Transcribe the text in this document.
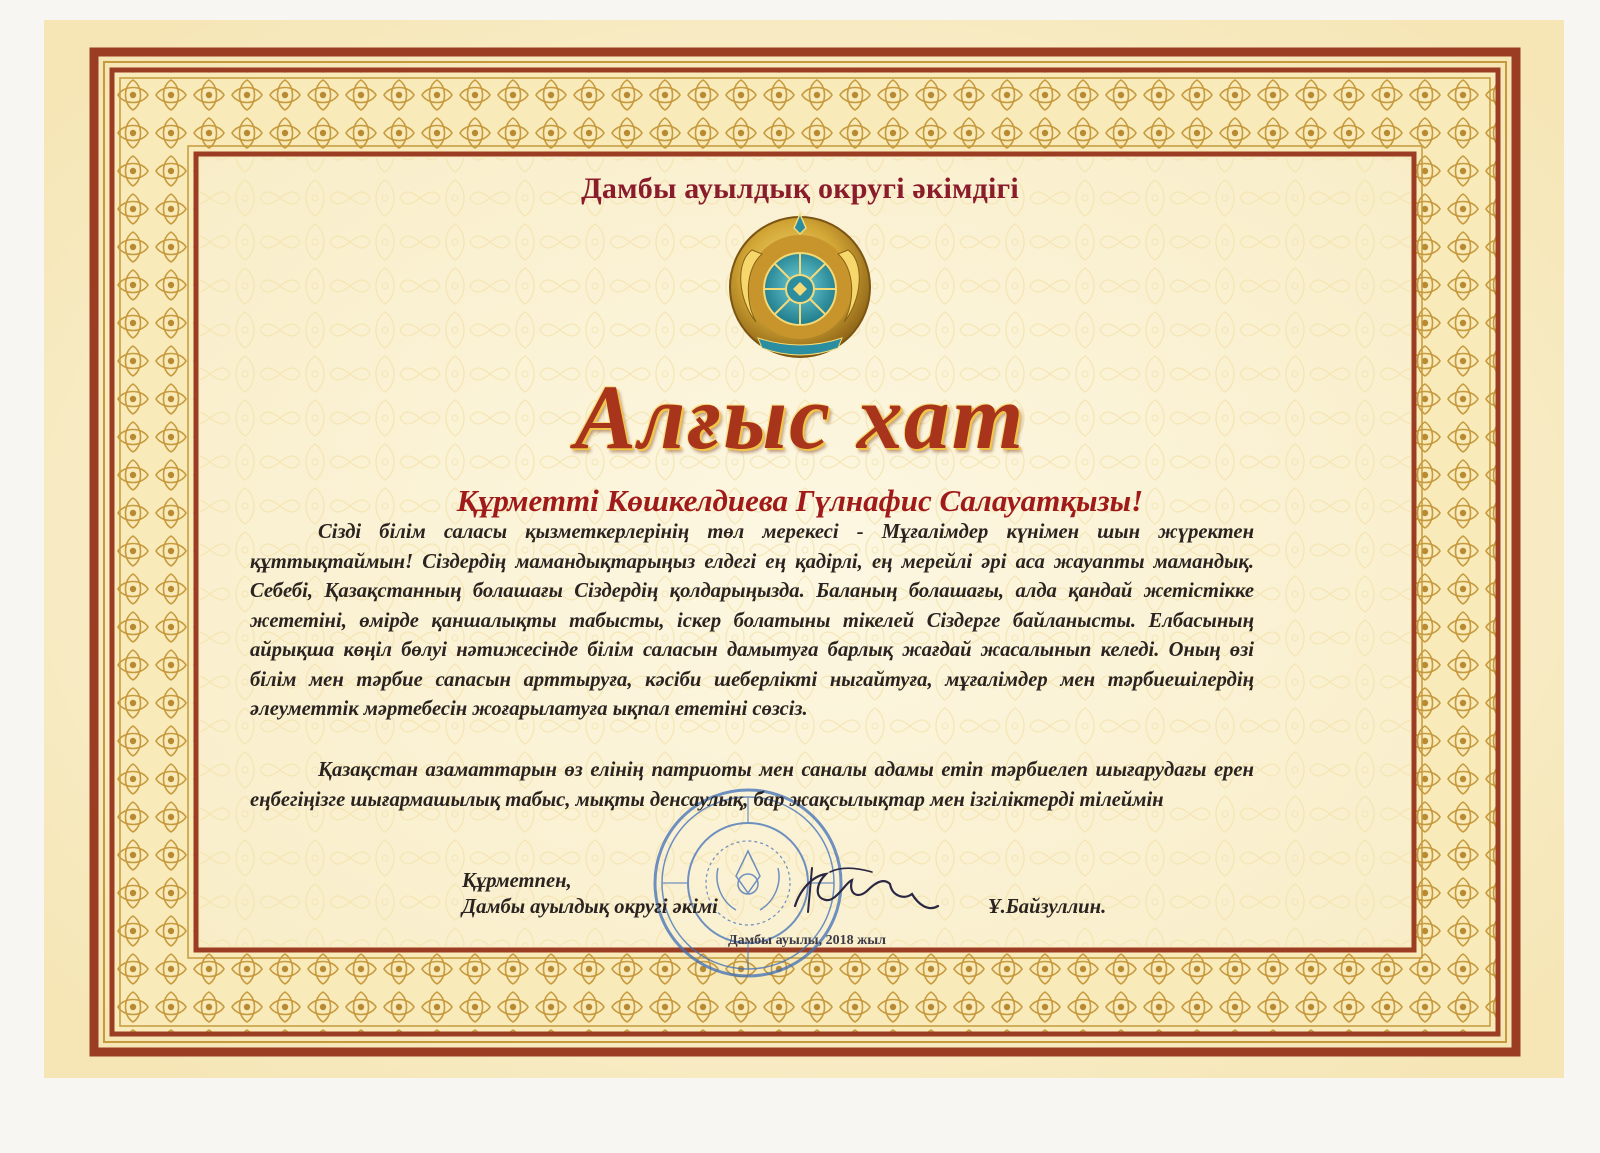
Дамбы ауылдық округі әкімдігі
Алғыс хат
Құрметті Көшкелдиева Гүлнафис Салауатқызы!

Сізді білім саласы қызметкерлерінің төл мерекесі - Мұғалімдер күнімен шын жүректен құттықтаймын! Сіздердің мамандықтарыңыз елдегі ең қадірлі, ең мерейлі әрі аса жауапты мамандық. Себебі, Қазақстанның болашағы Сіздердің қолдарыңызда. Баланың болашағы, алда қандай жетістікке жететіні, өмірде қаншалықты табысты, іскер болатыны тікелей Сіздерге байланысты. Елбасының айрықша көңіл бөлуі нәтижесінде білім саласын дамытуға барлық жағдай жасалынып келеді. Оның өзі білім мен тәрбие сапасын арттыруға, кәсіби шеберлікті ныгайтуға, мұғалімдер мен тәрбиешілердің әлеуметтік мәртебесін жоғарылатуға ықпал ететіні сөзсіз.

Қазақстан азаматтарын өз елінің патриоты мен саналы адамы етіп тәрбиелеп шығарудағы ерен еңбегіңізге шығармашылық табыс, мықты денсаулық, бар жақсылықтар мен ізгіліктерді тілеймін

Құрметпен,
Дамбы ауылдық округі әкімі	Ұ.Байзуллин.
Дамбы ауылы, 2018 жыл
